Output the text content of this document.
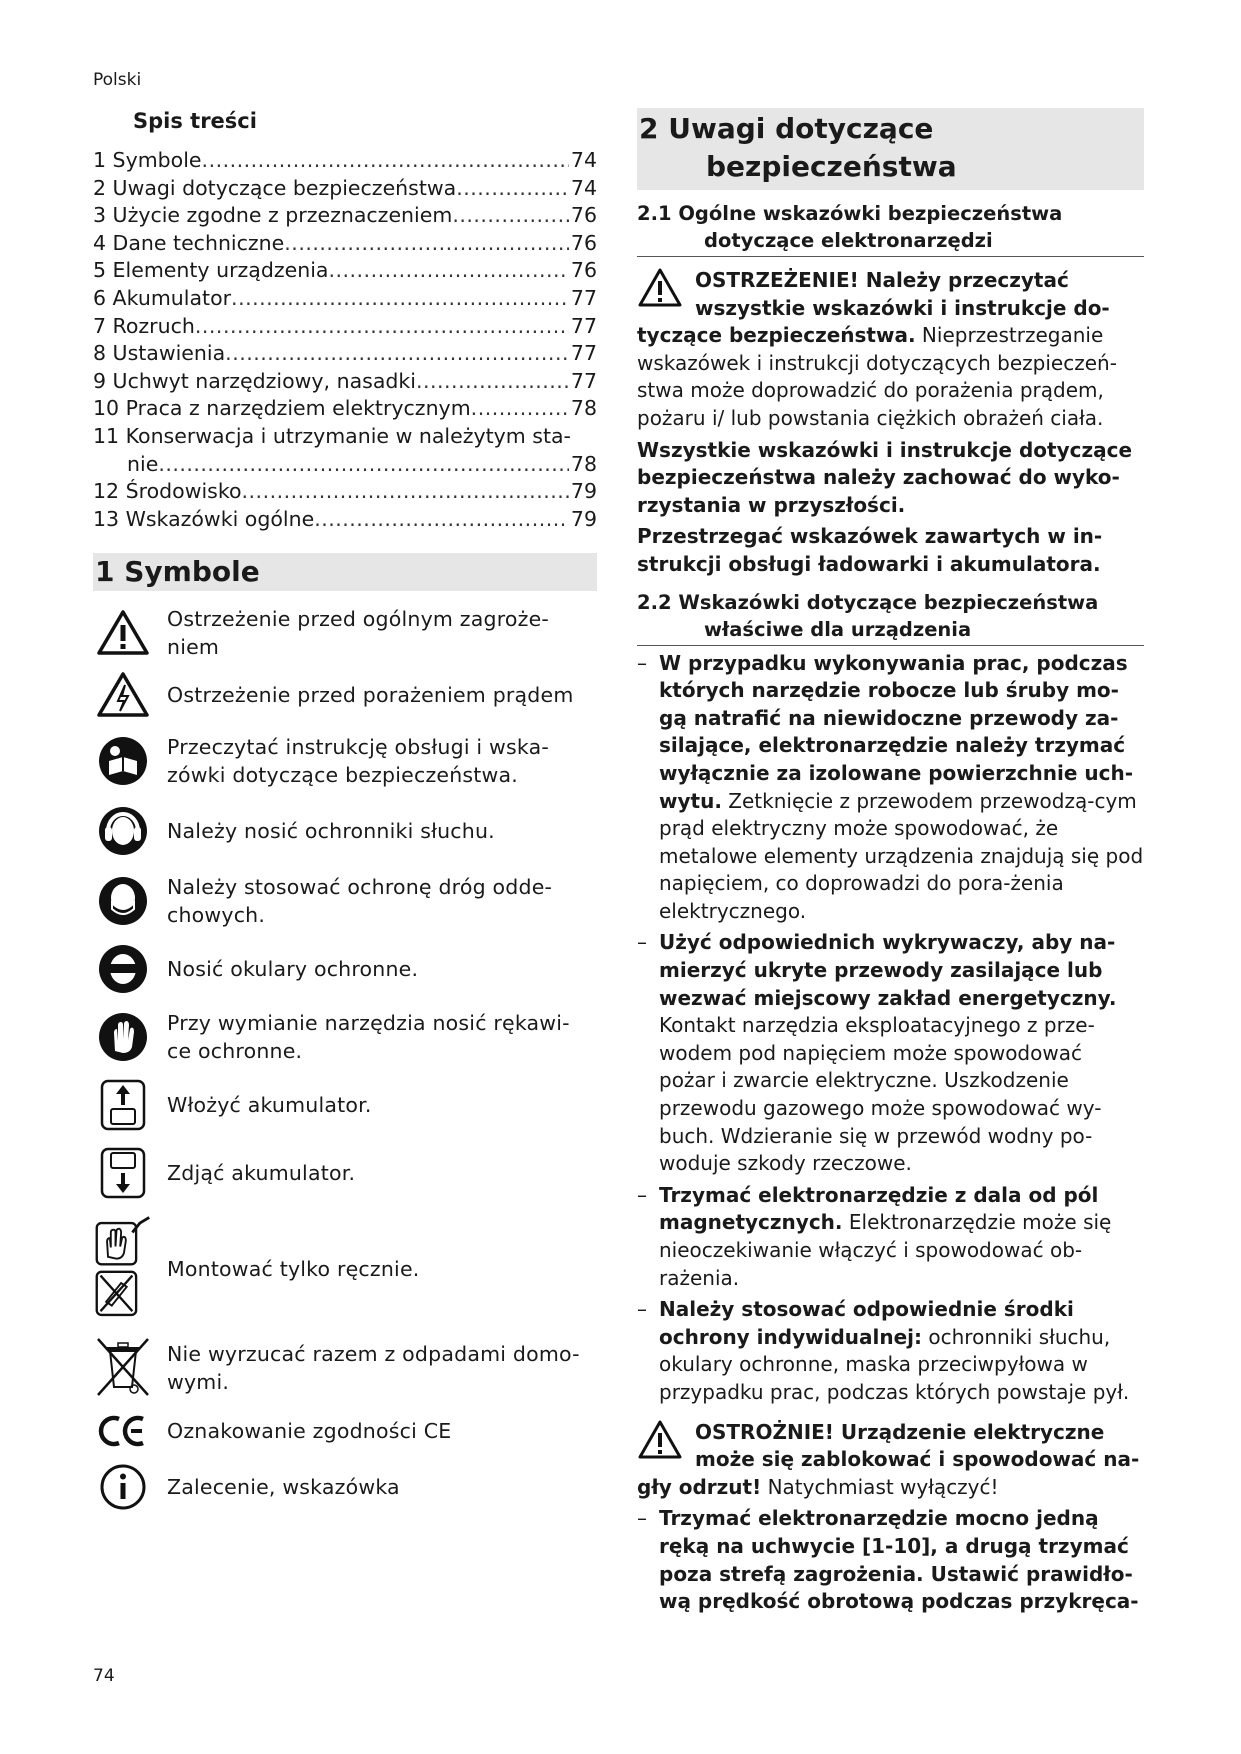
Polski
Spis treści
1 Symbole .....	74
2 Uwagi dotyczące bezpieczeństwa .....	74
3 Użycie zgodne z przeznaczeniem .....	76
4 Dane techniczne .....	76
5 Elementy urządzenia .....	76
6 Akumulator .....	77
7 Rozruch .....	77
8 Ustawienia .....	77
9 Uchwyt narzędziowy, nasadki .....	77
10 Praca z narzędziem elektrycznym .....	78
11 Konserwacja i utrzymanie w należytym sta-
nie .....	78
12 Środowisko .....	79
13 Wskazówki ogólne .....	79
1 Symbole
Ostrzeżenie przed ogólnym zagroże-
niem
Ostrzeżenie przed porażeniem prądem
Przeczytać instrukcję obsługi i wska-
zówki dotyczące bezpieczeństwa.
Należy nosić ochronniki słuchu.
Należy stosować ochronę dróg odde-
chowych.
Nosić okulary ochronne.
Przy wymianie narzędzia nosić rękawi-
ce ochronne.
Włożyć akumulator.
Zdjąć akumulator.
Montować tylko ręcznie.
Nie wyrzucać razem z odpadami domo-
wymi.
Oznakowanie zgodności CE
Zalecenie, wskazówka
2 Uwagi dotyczące
bezpieczeństwa
2.1 Ogólne wskazówki bezpieczeństwa
dotyczące elektronarzędzi
OSTRZEŻENIE! Należy przeczytać
wszystkie wskazówki i instrukcje do-
tyczące bezpieczeństwa. Nieprzestrzeganie wskazówek i instrukcji dotyczących bezpieczeń-stwa może doprowadzić do porażenia prądem, pożaru i/ lub powstania ciężkich obrażeń ciała.
Wszystkie wskazówki i instrukcje dotyczące bezpieczeństwa należy zachować do wyko-rzystania w przyszłości.
Przestrzegać wskazówek zawartych w in-strukcji obsługi ładowarki i akumulatora.
2.2 Wskazówki dotyczące bezpieczeństwa
właściwe dla urządzenia
– W przypadku wykonywania prac, podczas których narzędzie robocze lub śruby mo-gą natrafić na niewidoczne przewody za-silające, elektronarzędzie należy trzymać wyłącznie za izolowane powierzchnie uch-wytu. Zetknięcie z przewodem przewodzą-cym prąd elektryczny może spowodować, że metalowe elementy urządzenia znajdują się pod napięciem, co doprowadzi do pora-żenia elektrycznego.
– Użyć odpowiednich wykrywaczy, aby na-mierzyć ukryte przewody zasilające lub wezwać miejscowy zakład energetyczny. Kontakt narzędzia eksploatacyjnego z prze-wodem pod napięciem może spowodować pożar i zwarcie elektryczne. Uszkodzenie przewodu gazowego może spowodować wy-buch. Wdzieranie się w przewód wodny po-woduje szkody rzeczowe.
– Trzymać elektronarzędzie z dala od pól magnetycznych. Elektronarzędzie może się nieoczekiwanie włączyć i spowodować ob-rażenia.
– Należy stosować odpowiednie środki ochrony indywidualnej: ochronniki słuchu, okulary ochronne, maska przeciwpyłowa w przypadku prac, podczas których powstaje pył.
OSTROŻNIE! Urządzenie elektryczne
może się zablokować i spowodować na-
gły odrzut! Natychmiast wyłączyć!
– Trzymać elektronarzędzie mocno jedną ręką na uchwycie [1-10], a drugą trzymać poza strefą zagrożenia. Ustawić prawidło-wą prędkość obrotową podczas przykręca-
74
